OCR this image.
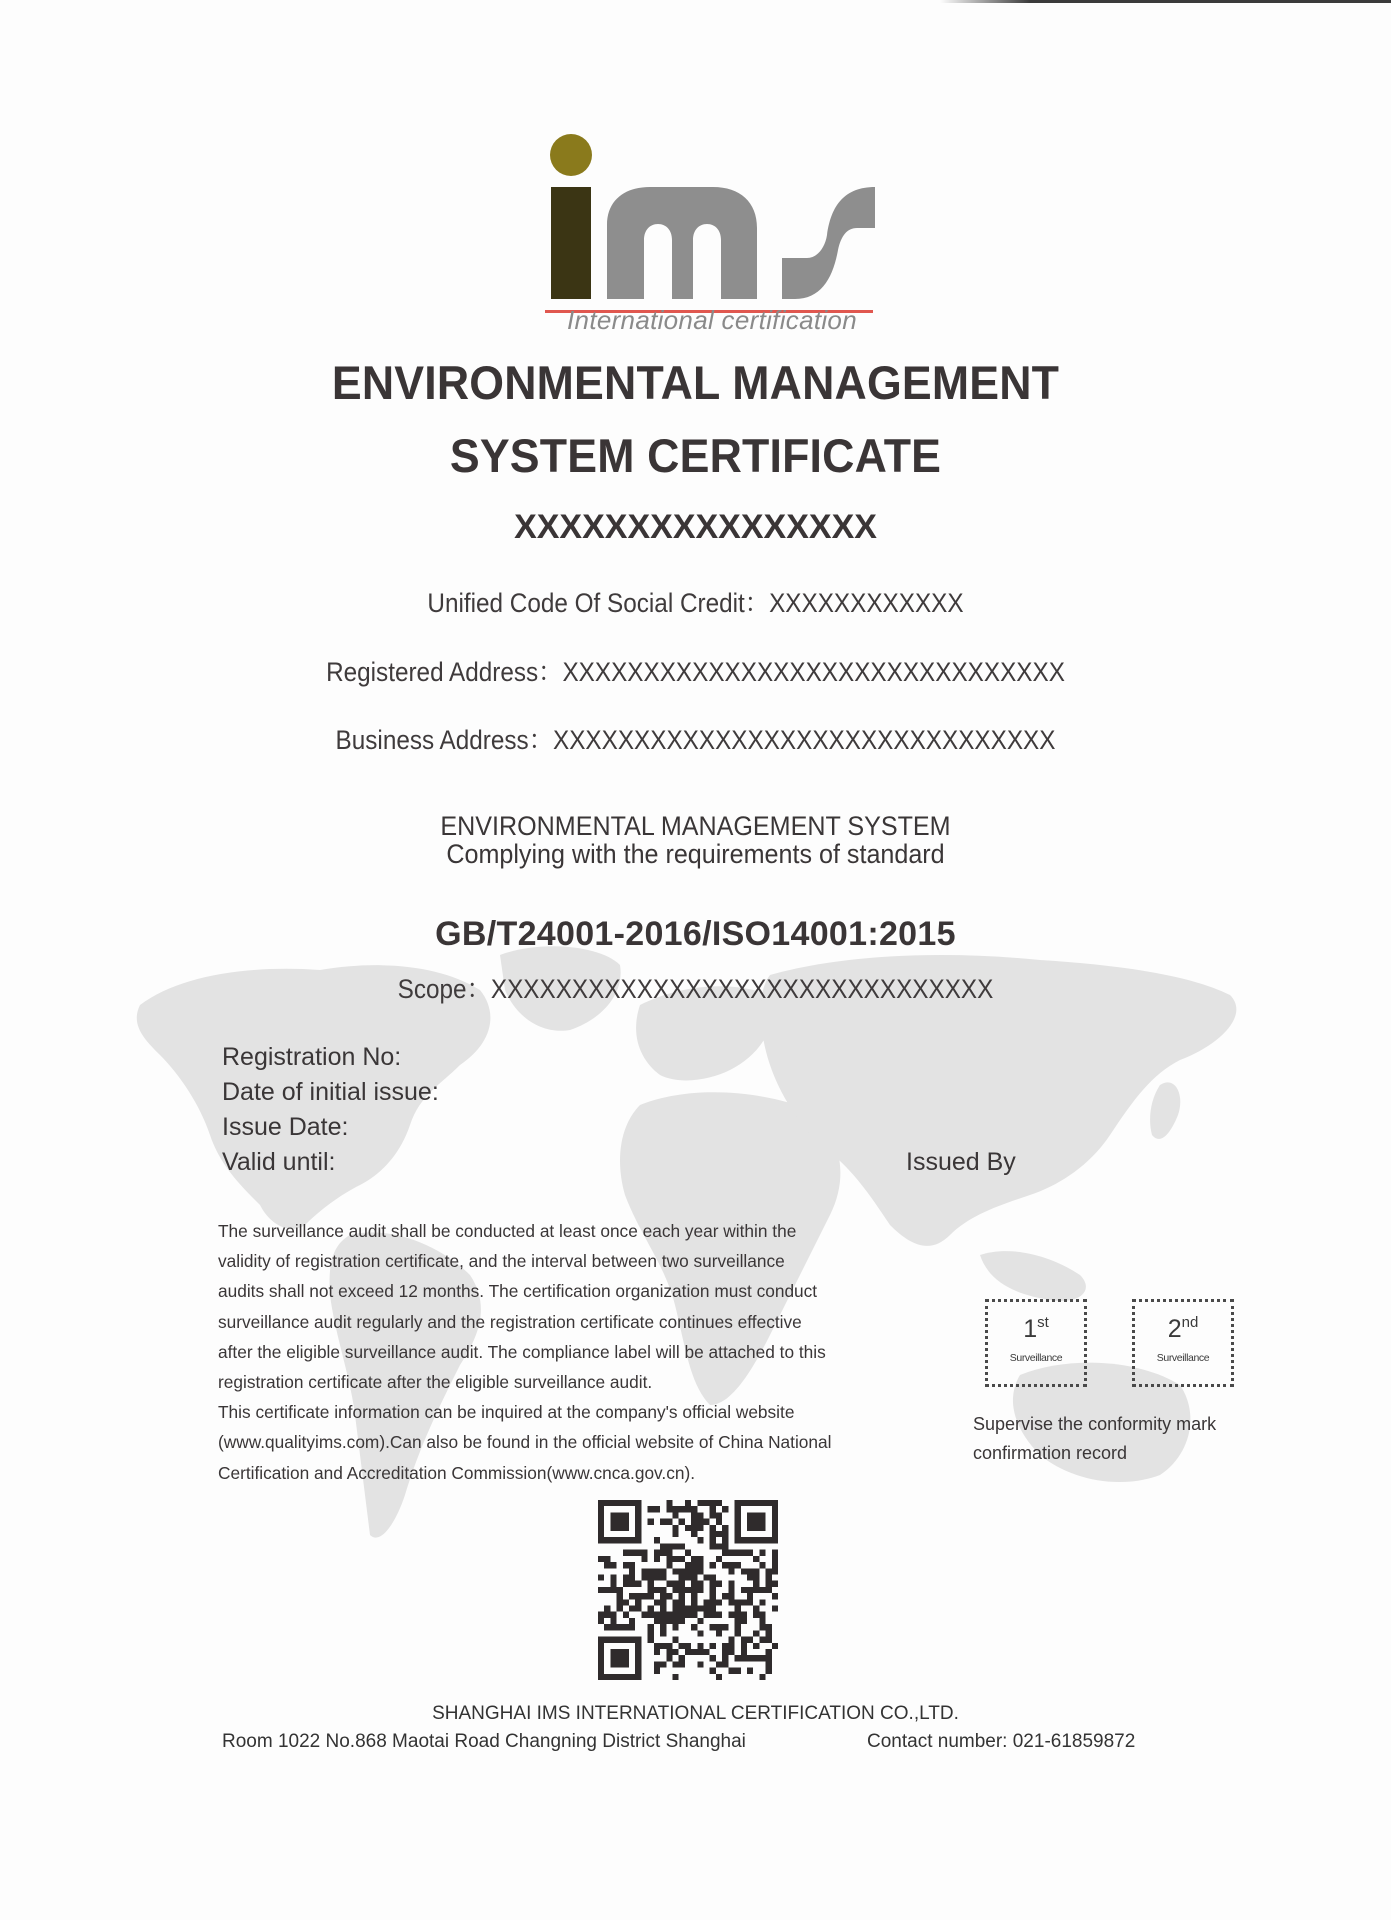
International certification
ENVIRONMENTAL MANAGEMENT
SYSTEM CERTIFICATE
XXXXXXXXXXXXXXXX
Unified Code Of Social Credit：XXXXXXXXXXXX
Registered Address：XXXXXXXXXXXXXXXXXXXXXXXXXXXXXXX
Business Address：XXXXXXXXXXXXXXXXXXXXXXXXXXXXXXX
ENVIRONMENTAL MANAGEMENT SYSTEM
Complying with the requirements of standard
GB/T24001-2016/ISO14001:2015
Scope：XXXXXXXXXXXXXXXXXXXXXXXXXXXXXXX
Registration No:
Date of initial issue:
Issue Date:
Valid until:	Issued By
The surveillance audit shall be conducted at least once each year within the
validity of registration certificate, and the interval between two surveillance
audits shall not exceed 12 months. The certification organization must conduct
surveillance audit regularly and the registration certificate continues effective
after the eligible surveillance audit. The compliance label will be attached to this
registration certificate after the eligible surveillance audit.
This certificate information can be inquired at the company's official website
(www.qualityims.com).Can also be found in the official website of China National
Certification and Accreditation Commission(www.cnca.gov.cn).
1st
Surveillance
2nd
Surveillance
Supervise the conformity mark
confirmation record
SHANGHAI IMS INTERNATIONAL CERTIFICATION CO.,LTD.
Room 1022 No.868 Maotai Road Changning District Shanghai	Contact number: 021-61859872
